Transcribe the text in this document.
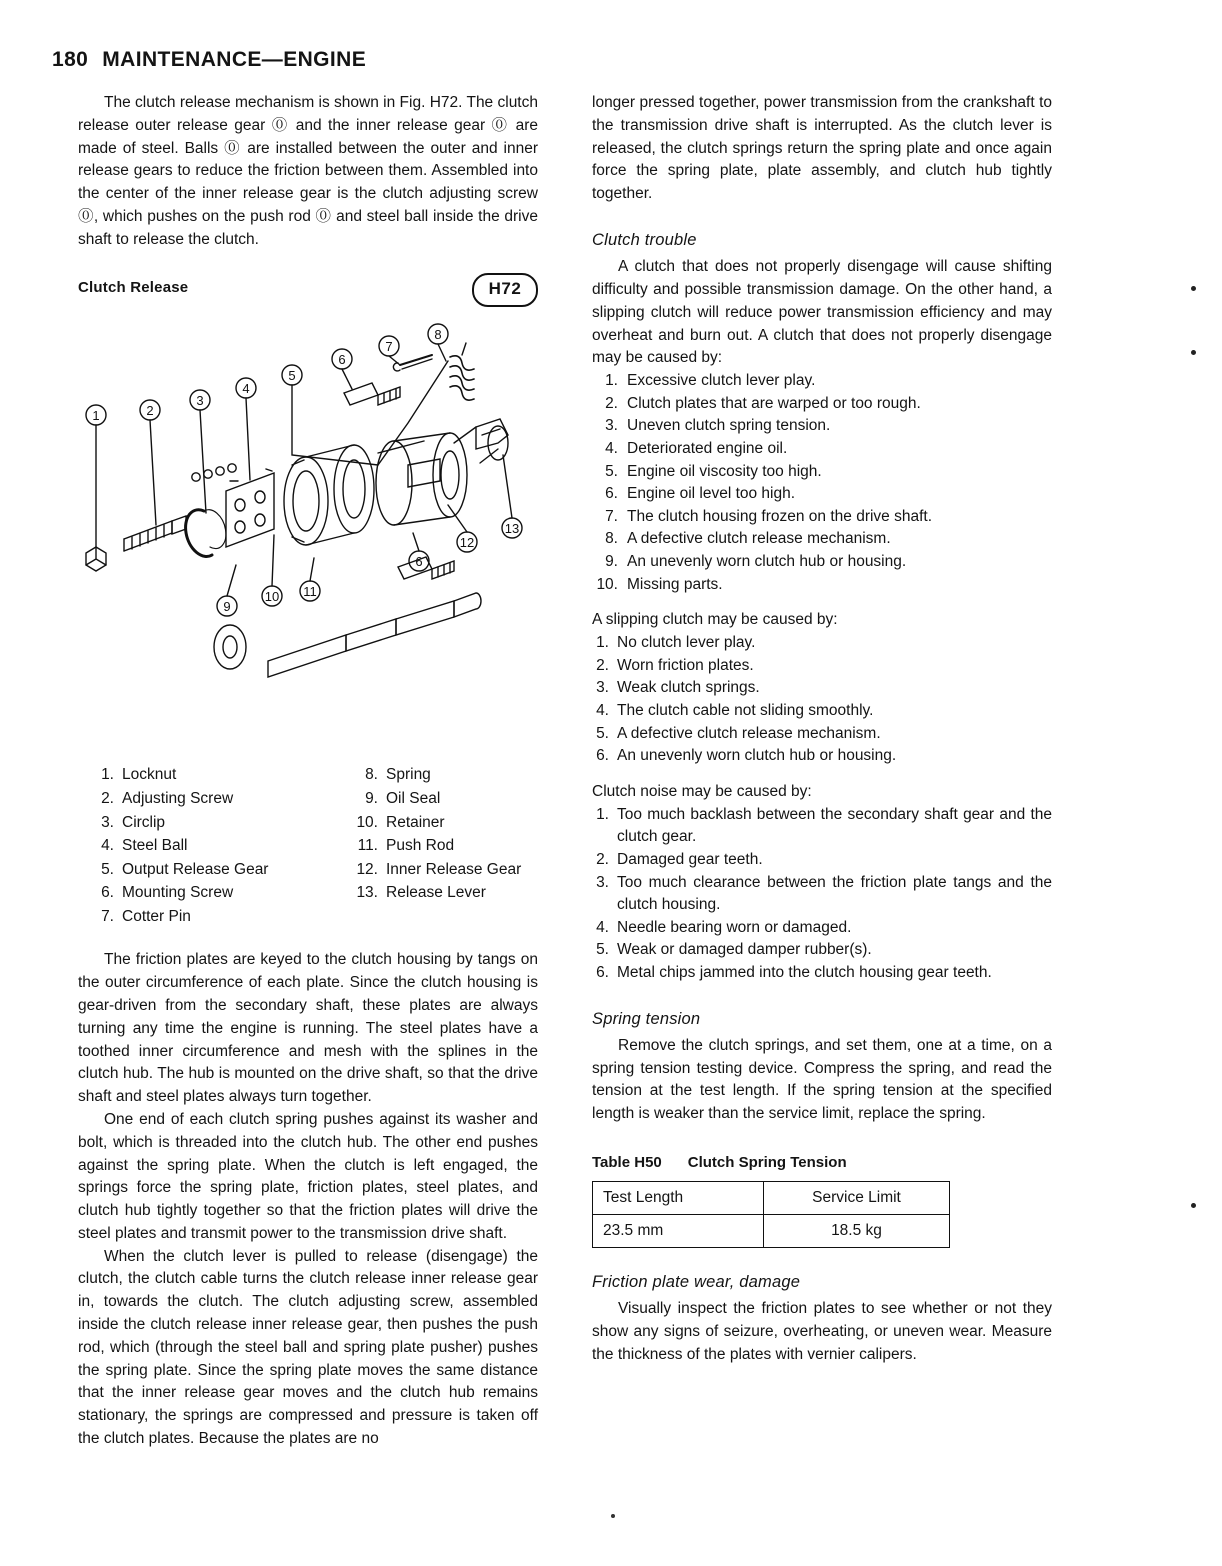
180 MAINTENANCE—ENGINE

The clutch release mechanism is shown in Fig. H72. The clutch release outer release gear ⓪ and the inner release gear ⓪ are made of steel. Balls ⓪ are installed between the outer and inner release gears to reduce the friction between them. Assembled into the center of the inner release gear is the clutch adjusting screw ⓪, which pushes on the push rod ⓪ and steel ball inside the drive shaft to release the clutch.

Clutch Release	H72
1	2
3
4
5
6
7
8
9
10 11
12
13
6
1. Locknut
2. Adjusting Screw
3. Circlip
4. Steel Ball
5. Output Release Gear
6. Mounting Screw
7. Cotter Pin
8. Spring
9. Oil Seal
10. Retainer
11. Push Rod
12. Inner Release Gear
13. Release Lever

The friction plates are keyed to the clutch housing by tangs on the outer circumference of each plate. Since the clutch housing is gear-driven from the secondary shaft, these plates are always turning any time the engine is running. The steel plates have a toothed inner circumference and mesh with the splines in the clutch hub. The hub is mounted on the drive shaft, so that the drive shaft and steel plates always turn together.

One end of each clutch spring pushes against its washer and bolt, which is threaded into the clutch hub. The other end pushes against the spring plate. When the clutch is left engaged, the springs force the spring plate, friction plates, steel plates, and clutch hub tightly together so that the friction plates will drive the steel plates and transmit power to the transmission drive shaft.

When the clutch lever is pulled to release (disengage) the clutch, the clutch cable turns the clutch release inner release gear in, towards the clutch. The clutch adjusting screw, assembled inside the clutch release inner release gear, then pushes the push rod, which (through the steel ball and spring plate pusher) pushes the spring plate. Since the spring plate moves the same distance that the inner release gear moves and the clutch hub remains stationary, the springs are compressed and pressure is taken off the clutch plates. Because the plates are no

longer pressed together, power transmission from the crankshaft to the transmission drive shaft is interrupted. As the clutch lever is released, the clutch springs return the spring plate and once again force the spring plate, plate assembly, and clutch hub tightly together.

Clutch trouble

A clutch that does not properly disengage will cause shifting difficulty and possible transmission damage. On the other hand, a slipping clutch will reduce power transmission efficiency and may overheat and burn out. A clutch that does not properly disengage may be caused by:

1. Excessive clutch lever play.
2. Clutch plates that are warped or too rough.
3. Uneven clutch spring tension.
4. Deteriorated engine oil.
5. Engine oil viscosity too high.
6. Engine oil level too high.
7. The clutch housing frozen on the drive shaft.
8. A defective clutch release mechanism.
9. An unevenly worn clutch hub or housing.
10. Missing parts.

A slipping clutch may be caused by:

1. No clutch lever play.
2. Worn friction plates.
3. Weak clutch springs.
4. The clutch cable not sliding smoothly.
5. A defective clutch release mechanism.
6. An unevenly worn clutch hub or housing.

Clutch noise may be caused by:

1. Too much backlash between the secondary shaft gear and the clutch gear.
2. Damaged gear teeth.
3. Too much clearance between the friction plate tangs and the clutch housing.
4. Needle bearing worn or damaged.
5. Weak or damaged damper rubber(s).
6. Metal chips jammed into the clutch housing gear teeth.
Spring tension

Remove the clutch springs, and set them, one at a time, on a spring tension testing device. Compress the spring, and read the tension at the test length. If the spring tension at the specified length is weaker than the service limit, replace the spring.

Table H50 Clutch Spring Tension
Test Length	Service Limit
23.5 mm	18.5 kg
Friction plate wear, damage

Visually inspect the friction plates to see whether or not they show any signs of seizure, overheating, or uneven wear. Measure the thickness of the plates with vernier calipers.
